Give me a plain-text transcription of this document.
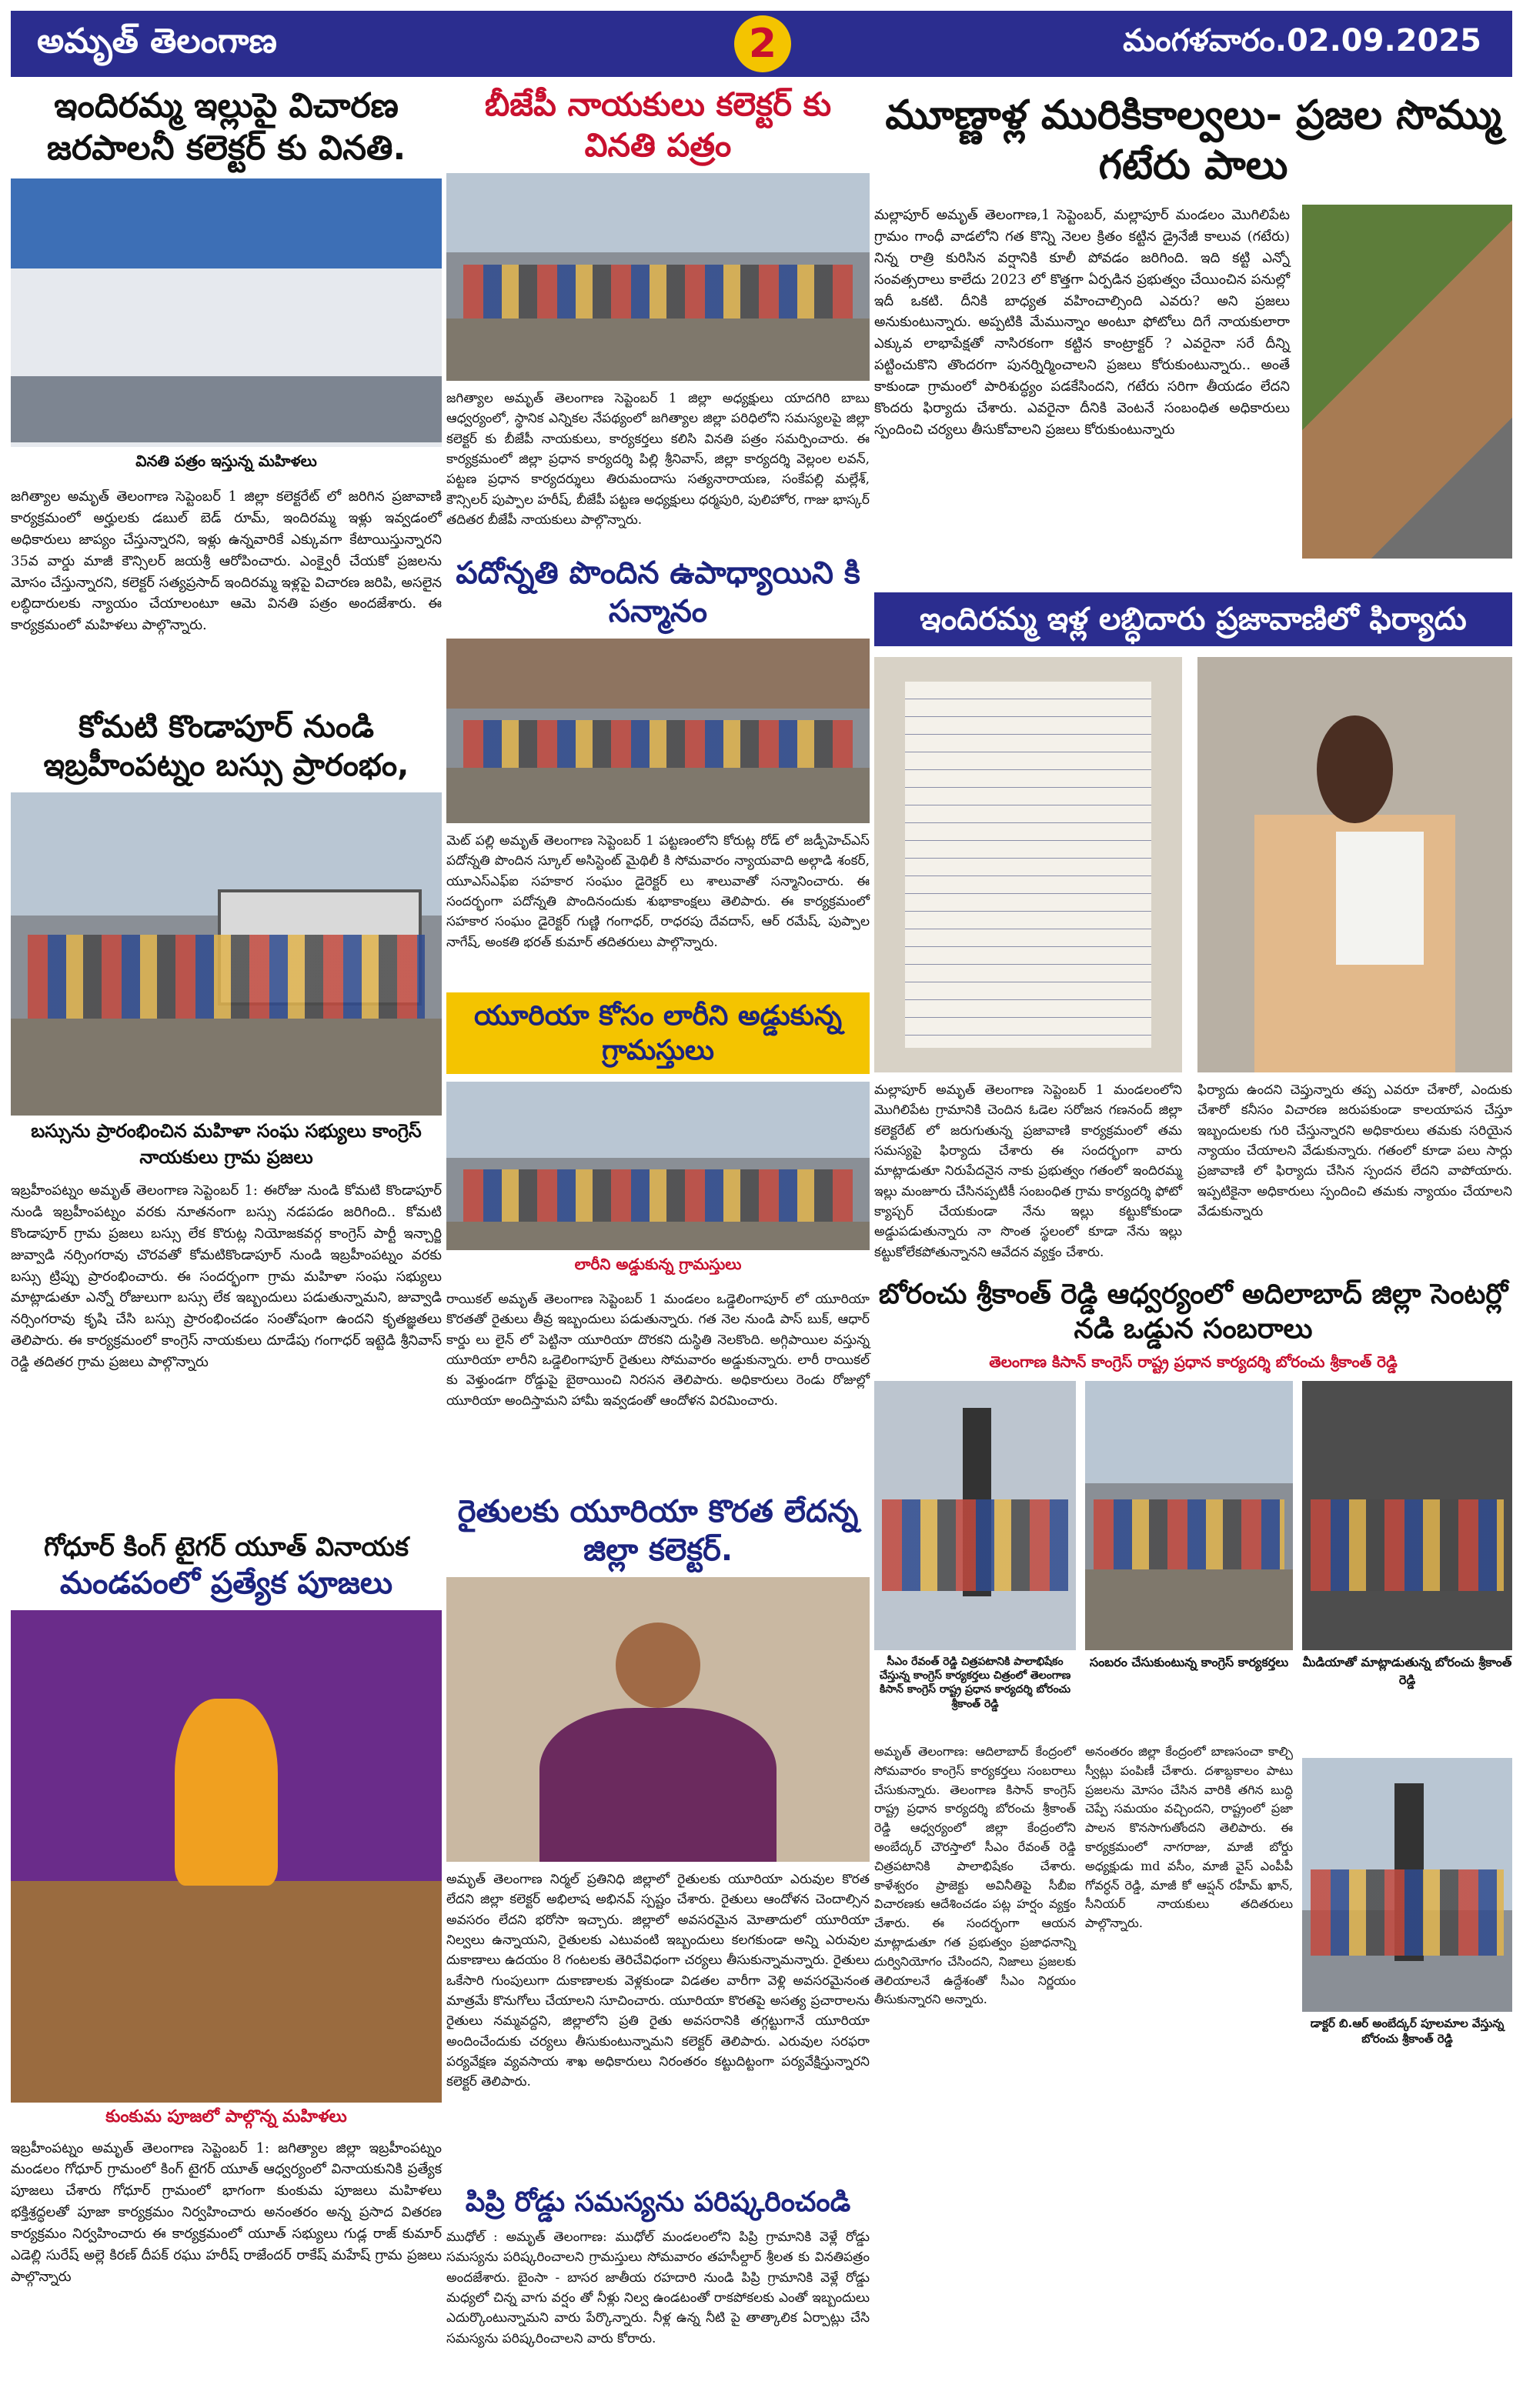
అమృత్ తెలంగాణ	2	మంగళవారం.02.09.2025
ఇందిరమ్మ ఇల్లుపై విచారణ జరపాలనీ కలెక్టర్ కు వినతి.
వినతి పత్రం ఇస్తున్న మహిళలు
జగిత్యాల అమృత్ తెలంగాణ సెప్టెంబర్ 1 జిల్లా కలెక్టరేట్ లో జరిగిన ప్రజావాణి కార్యక్రమంలో అర్హులకు డబుల్ బెడ్ రూమ్, ఇందిరమ్మ ఇళ్లు ఇవ్వడంలో అధికారులు జాప్యం చేస్తున్నారని, ఇళ్లు ఉన్నవారికే ఎక్కువగా కేటాయిస్తున్నారని 35వ వార్డు మాజీ కౌన్సిలర్ జయశ్రీ ఆరోపించారు. ఎంక్వైరీ చేయకో ప్రజలను మోసం చేస్తున్నారని, కలెక్టర్ సత్యప్రసాద్ ఇందిరమ్మ ఇళ్లపై విచారణ జరిపి, అసలైన లబ్ధిదారులకు న్యాయం చేయాలంటూ ఆమె వినతి పత్రం అందజేశారు. ఈ కార్యక్రమంలో మహిళలు పాల్గొన్నారు.
కోమటి కొండాపూర్ నుండి ఇబ్రహీంపట్నం బస్సు ప్రారంభం,
బస్సును ప్రారంభించిన మహిళా సంఘ సభ్యులు కాంగ్రెస్ నాయకులు గ్రామ ప్రజలు
ఇబ్రహీంపట్నం అమృత్ తెలంగాణ సెప్టెంబర్ 1: ఈరోజు నుండి కోమటి కొండాపూర్ నుండి ఇబ్రహీంపట్నం వరకు నూతనంగా బస్సు నడపడం జరిగింది.. కోమటి కొండాపూర్ గ్రామ ప్రజలు బస్సు లేక కొరుట్ల నియోజకవర్గ కాంగ్రెస్ పార్టీ ఇన్చార్జి జువ్వాడి నర్సింగరావు చొరవతో కోమటికొండాపూర్ నుండి ఇబ్రహీంపట్నం వరకు బస్సు ట్రిప్పు ప్రారంభించారు. ఈ సందర్భంగా గ్రామ మహిళా సంఘ సభ్యులు మాట్లాడుతూ ఎన్నో రోజులుగా బస్సు లేక ఇబ్బందులు పడుతున్నామని, జువ్వాడి నర్సింగరావు కృషి చేసి బస్సు ప్రారంభించడం సంతోషంగా ఉందని కృతజ్ఞతలు తెలిపారు. ఈ కార్యక్రమంలో కాంగ్రెస్ నాయకులు దూడేపు గంగాధర్ ఇట్టెడి శ్రీనివాస్ రెడ్డి తదితర గ్రామ ప్రజలు పాల్గొన్నారు
గోధూర్ కింగ్ టైగర్ యూత్ వినాయక
మండపంలో ప్రత్యేక పూజలు
కుంకుమ పూజలో పాల్గొన్న మహిళలు
ఇబ్రహీంపట్నం అమృత్ తెలంగాణ సెప్టెంబర్ 1: జగిత్యాల జిల్లా ఇబ్రహీంపట్నం మండలం గోధూర్ గ్రామంలో కింగ్ టైగర్ యూత్ ఆధ్వర్యంలో వినాయకునికి ప్రత్యేక పూజలు చేశారు గోధూర్ గ్రామంలో భాగంగా కుంకుమ పూజలు మహిళలు భక్తిశ్రద్ధలతో పూజా కార్యక్రమం నిర్వహించారు అనంతరం అన్న ప్రసాద వితరణ కార్యక్రమం నిర్వహించారు ఈ కార్యక్రమంలో యూత్ సభ్యులు గుడ్ల రాజ్ కుమార్ ఎడెల్లి సురేష్ అల్లె కిరణ్ దీపక్ రఘు హరీష్ రాజేందర్ రాకేష్ మహేష్ గ్రామ ప్రజలు పాల్గొన్నారు
బీజేపీ నాయకులు కలెక్టర్ కు వినతి పత్రం
జగిత్యాల అమృత్ తెలంగాణ సెప్టెంబర్ 1 జిల్లా అధ్యక్షులు యాదగిరి బాబు ఆధ్వర్యంలో, స్థానిక ఎన్నికల నేపథ్యంలో జగిత్యాల జిల్లా పరిధిలోని సమస్యలపై జిల్లా కలెక్టర్ కు బీజేపీ నాయకులు, కార్యకర్తలు కలిసి వినతి పత్రం సమర్పించారు. ఈ కార్యక్రమంలో జిల్లా ప్రధాన కార్యదర్శి పిల్లి శ్రీనివాస్, జిల్లా కార్యదర్శి వెల్లంల లవన్, పట్టణ ప్రధాన కార్యదర్శులు తిరుమందాసు సత్యనారాయణ, సంకేపల్లి మల్లేశ్, కౌన్సిలర్ పుప్పాల హరీష్, బీజేపీ పట్టణ అధ్యక్షులు ధర్మపురి, పులిహోర, గాజు భాస్కర్ తదితర బీజేపీ నాయకులు పాల్గొన్నారు.
పదోన్నతి పొందిన ఉపాధ్యాయిని కి సన్మానం
మెట్ పల్లి అమృత్ తెలంగాణ సెప్టెంబర్ 1 పట్టణంలోని కోరుట్ల రోడ్ లో జడ్పీహెచ్ఎస్ పదోన్నతి పొందిన స్కూల్ అసిస్టెంట్ మైథిలీ కి సోమవారం న్యాయవాది అల్గాడి శంకర్, యూఎస్ఎఫ్ఐ సహకార సంఘం డైరెక్టర్ లు శాలువాతో సన్మానించారు. ఈ సందర్భంగా పదోన్నతి పొందినందుకు శుభాకాంక్షలు తెలిపారు. ఈ కార్యక్రమంలో సహకార సంఘం డైరెక్టర్ గుణ్ణి గంగాధర్, రాధరపు దేవదాస్, ఆర్ రమేష్, పుప్పాల నాగేష్, అంకతి భరత్ కుమార్ తదితరులు పాల్గొన్నారు.
యూరియా కోసం లారీని అడ్డుకున్న గ్రామస్తులు
లారీని అడ్డుకున్న గ్రామస్తులు
రాయికల్ అమృత్ తెలంగాణ సెప్టెంబర్ 1 మండలం ఒడ్డెలింగాపూర్ లో యూరియా కొరతతో రైతులు తీవ్ర ఇబ్బందులు పడుతున్నారు. గత నెల నుండి పాస్ బుక్, ఆధార్ కార్డు లు లైన్ లో పెట్టినా యూరియా దొరకని దుస్థితి నెలకొంది. అగ్గిపాయిల వస్తున్న యూరియా లారీని ఒడ్డెలింగాపూర్ రైతులు సోమవారం అడ్డుకున్నారు. లారీ రాయికల్ కు వెళ్తుండగా రోడ్డుపై బైఠాయించి నిరసన తెలిపారు. అధికారులు రెండు రోజుల్లో యూరియా అందిస్తామని హామీ ఇవ్వడంతో ఆందోళన విరమించారు.
రైతులకు యూరియా కొరత లేదన్న జిల్లా కలెక్టర్.
అమృత్ తెలంగాణ నిర్మల్ ప్రతినిధి జిల్లాలో రైతులకు యూరియా ఎరువుల కొరత లేదని జిల్లా కలెక్టర్ అభిలాష అభినవ్ స్పష్టం చేశారు. రైతులు ఆందోళన చెందాల్సిన అవసరం లేదని భరోసా ఇచ్చారు. జిల్లాలో అవసరమైన మోతాదులో యూరియా నిల్వలు ఉన్నాయని, రైతులకు ఎటువంటి ఇబ్బందులు కలగకుండా అన్ని ఎరువుల దుకాణాలు ఉదయం 8 గంటలకు తెరిచేవిధంగా చర్యలు తీసుకున్నామన్నారు. రైతులు ఒకేసారి గుంపులుగా దుకాణాలకు వెళ్లకుండా విడతల వారీగా వెళ్లి అవసరమైనంత మాత్రమే కొనుగోలు చేయాలని సూచించారు. యూరియా కొరతపై అసత్య ప్రచారాలను రైతులు నమ్మవద్దని, జిల్లాలోని ప్రతి రైతు అవసరానికి తగ్గట్టుగానే యూరియా అందించేందుకు చర్యలు తీసుకుంటున్నామని కలెక్టర్ తెలిపారు. ఎరువుల సరఫరా పర్యవేక్షణ వ్యవసాయ శాఖ అధికారులు నిరంతరం కట్టుదిట్టంగా పర్యవేక్షిస్తున్నారని కలెక్టర్ తెలిపారు.
పిప్రి రోడ్డు సమస్యను పరిష్కరించండి
ముధోల్ : అమృత్ తెలంగాణ: ముధోల్ మండలంలోని పిప్రి గ్రామానికి వెళ్లే రోడ్డు సమస్యను పరిష్కరించాలని గ్రామస్తులు సోమవారం తహసీల్దార్ శ్రీలత కు వినతిపత్రం అందజేశారు. బైంసా - బాసర జాతీయ రహదారి నుండి పిప్రి గ్రామానికి వెళ్లే రోడ్డు మధ్యలో చిన్న వాగు వర్షం తో నీళ్లు నిల్వ ఉండటంతో రాకపోకలకు ఎంతో ఇబ్బందులు ఎదుర్కొంటున్నామని వారు పేర్కొన్నారు. నీళ్ల ఉన్న నీటి పై తాత్కాలిక ఏర్పాట్లు చేసి సమస్యను పరిష్కరించాలని వారు కోరారు.
మూణ్ణాళ్ల మురికికాల్వలు- ప్రజల సొమ్ము గటేరు పాలు
మల్లాపూర్ అమృత్ తెలంగాణ,1 సెప్టెంబర్, మల్లాపూర్ మండలం మొగిలిపేట గ్రామం గాంధీ వాడలోని గత కొన్ని నెలల క్రితం కట్టిన డ్రైనేజీ కాలువ (గటేరు) నిన్న రాత్రి కురిసిన వర్షానికి కూలీ పోవడం జరిగింది. ఇది కట్టి ఎన్నో సంవత్సరాలు కాలేదు 2023 లో కొత్తగా ఏర్పడిన ప్రభుత్వం చేయించిన పనుల్లో ఇదీ ఒకటి. దీనికి బాధ్యత వహించాల్సింది ఎవరు? అని ప్రజలు అనుకుంటున్నారు. అప్పటికి మేమున్నాం అంటూ ఫోటోలు దిగే నాయకులారా ఎక్కువ లాభాపేక్షతో నాసిరకంగా కట్టిన కాంట్రాక్టర్ ? ఎవరైనా సరే దీన్ని పట్టించుకొని తొందరగా పునర్నిర్మించాలని ప్రజలు కోరుకుంటున్నారు.. అంతే కాకుండా గ్రామంలో పారిశుద్ధ్యం పడకేసిందని, గటేరు సరిగా తీయడం లేదని కొందరు ఫిర్యాదు చేశారు. ఎవరైనా దీనికి వెంటనే సంబంధిత అధికారులు స్పందించి చర్యలు తీసుకోవాలని ప్రజలు కోరుకుంటున్నారు
ఇందిరమ్మ ఇళ్ల లబ్ధిదారు ప్రజావాణిలో ఫిర్యాదు
మల్లాపూర్ అమృత్ తెలంగాణ సెప్టెంబర్ 1 మండలంలోని మొగిలిపేట గ్రామానికి చెందిన ఓడెల సరోజన గణనంద్ జిల్లా కలెక్టరేట్ లో జరుగుతున్న ప్రజావాణి కార్యక్రమంలో తమ సమస్యపై ఫిర్యాదు చేశారు ఈ సందర్భంగా వారు మాట్లాడుతూ నిరుపేదనైన నాకు ప్రభుత్వం గతంలో ఇందిరమ్మ ఇల్లు మంజూరు చేసినప్పటికీ సంబంధిత గ్రామ కార్యదర్శి ఫోటో క్యాప్చర్ చేయకుండా నేను ఇల్లు కట్టుకోకుండా అడ్డుపడుతున్నారు నా సొంత స్థలంలో కూడా నేను ఇల్లు కట్టుకోలేకపోతున్నానని ఆవేదన వ్యక్తం చేశారు.
ఫిర్యాదు ఉందని చెప్తున్నారు తప్ప ఎవరూ చేశారో, ఎందుకు చేశారో కనీసం విచారణ జరుపకుండా కాలయాపన చేస్తూ ఇబ్బందులకు గురి చేస్తున్నారని అధికారులు తమకు సరియైన న్యాయం చేయాలని వేడుకున్నారు. గతంలో కూడా పలు సార్లు ప్రజావాణి లో ఫిర్యాదు చేసిన స్పందన లేదని వాపోయారు. ఇప్పటికైనా అధికారులు స్పందించి తమకు న్యాయం చేయాలని వేడుకున్నారు
బోరంచు శ్రీకాంత్ రెడ్డి ఆధ్వర్యంలో అదిలాబాద్ జిల్లా సెంటర్లో నడి ఒడ్డున సంబరాలు
తెలంగాణ కిసాన్ కాంగ్రెస్ రాష్ట్ర ప్రధాన కార్యదర్శి బోరంచు శ్రీకాంత్ రెడ్డి
సీఎం రేవంత్ రెడ్డి చిత్రపటానికి పాలాభిషేకం చేస్తున్న కాంగ్రెస్ కార్యకర్తలు చిత్రంలో తెలంగాణ కిసాన్ కాంగ్రెస్ రాష్ట్ర ప్రధాన కార్యదర్శి బోరంచు శ్రీకాంత్ రెడ్డి
సంబరం చేసుకుంటున్న కాంగ్రెస్ కార్యకర్తలు	మీడియాతో మాట్లాడుతున్న బోరంచు శ్రీకాంత్ రెడ్డి
అమృత్ తెలంగాణ: ఆదిలాబాద్ కేంద్రంలో సోమవారం కాంగ్రెస్ కార్యకర్తలు సంబరాలు చేసుకున్నారు. తెలంగాణ కిసాన్ కాంగ్రెస్ రాష్ట్ర ప్రధాన కార్యదర్శి బోరంచు శ్రీకాంత్ రెడ్డి ఆధ్వర్యంలో జిల్లా కేంద్రంలోని అంబేద్కర్ చౌరస్తాలో సీఎం రేవంత్ రెడ్డి చిత్రపటానికి పాలాభిషేకం చేశారు. కాళేశ్వరం ప్రాజెక్టు అవినీతిపై సీబీఐ విచారణకు ఆదేశించడం పట్ల హర్షం వ్యక్తం చేశారు. ఈ సందర్భంగా ఆయన మాట్లాడుతూ గత ప్రభుత్వం ప్రజాధనాన్ని దుర్వినియోగం చేసిందని, నిజాలు ప్రజలకు తెలియాలనే ఉద్దేశంతో సీఎం నిర్ణయం తీసుకున్నారని అన్నారు.
అనంతరం జిల్లా కేంద్రంలో బాణసంచా కాల్చి స్వీట్లు పంపిణీ చేశారు. దశాబ్దకాలం పాటు ప్రజలను మోసం చేసిన వారికి తగిన బుద్ధి చెప్పే సమయం వచ్చిందని, రాష్ట్రంలో ప్రజా పాలన కొనసాగుతోందని తెలిపారు. ఈ కార్యక్రమంలో నాగరాజు, మాజీ బోర్డు అధ్యక్షుడు md వసీం, మాజీ వైస్ ఎంపీపీ గోవర్ధన్ రెడ్డి, మాజీ కో ఆప్షన్ రహీమ్ ఖాన్, సీనియర్ నాయకులు తదితరులు పాల్గొన్నారు.
డాక్టర్ బి.ఆర్ అంబేద్కర్ పూలమాల వేస్తున్న బోరంచు శ్రీకాంత్ రెడ్డి
